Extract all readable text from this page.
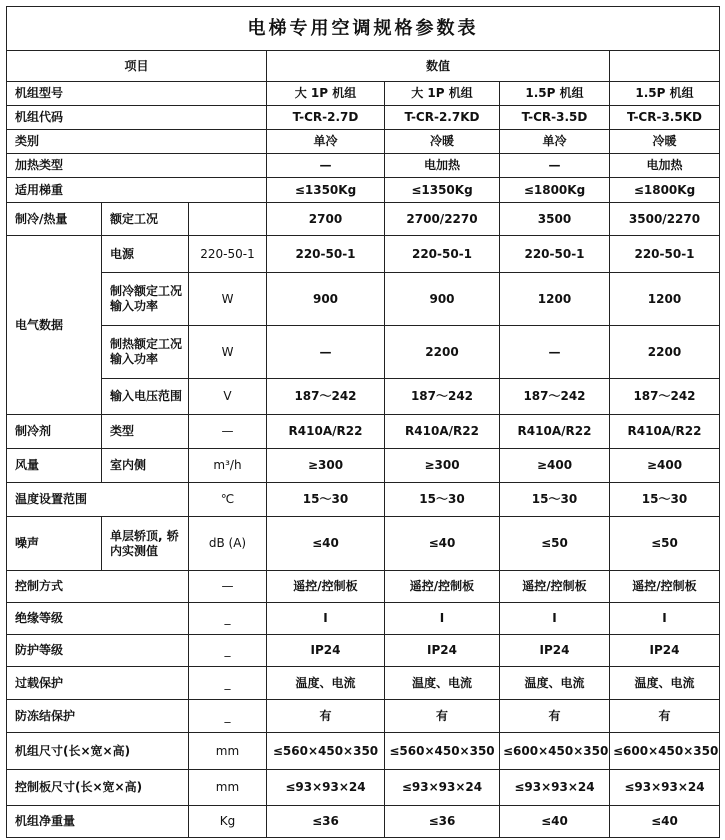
电梯专用空调规格参数表						
项目			数值			
机组型号			大 1P 机组	大 1P 机组	1.5P 机组	1.5P 机组
机组代码			T-CR-2.7D	T-CR-2.7KD	T-CR-3.5D	T-CR-3.5KD
类别			单冷	冷暖	单冷	冷暖
加热类型			—	电加热	—	电加热
适用梯重			≤1350Kg	≤1350Kg	≤1800Kg	≤1800Kg
制冷/热量	额定工况		2700	2700/2270	3500	3500/2270
电气数据	电源	220-50-1	220-50-1	220-50-1	220-50-1	220-50-1
	制冷额定工况输入功率	W	900	900	1200	1200
	制热额定工况输入功率	W	—	2200	—	2200
	输入电压范围	V	187～242	187～242	187～242	187～242
制冷剂	类型	—	R410A/R22	R410A/R22	R410A/R22	R410A/R22
风量	室内侧	m³/h	≥300	≥300	≥400	≥400
温度设置范围		℃	15～30	15～30	15～30	15～30
噪声	单层轿顶, 轿内实测值	dB (A)	≤40	≤40	≤50	≤50
控制方式		—	遥控/控制板	遥控/控制板	遥控/控制板	遥控/控制板
绝缘等级		_	I	I	I	I
防护等级		_	IP24	IP24	IP24	IP24
过载保护		_	温度、电流	温度、电流	温度、电流	温度、电流
防冻结保护		_	有	有	有	有
机组尺寸(长×宽×高)		mm	≤560×450×350	≤560×450×350	≤600×450×350	≤600×450×350
控制板尺寸(长×宽×高)		mm	≤93×93×24	≤93×93×24	≤93×93×24	≤93×93×24
机组净重量		Kg	≤36	≤36	≤40	≤40
